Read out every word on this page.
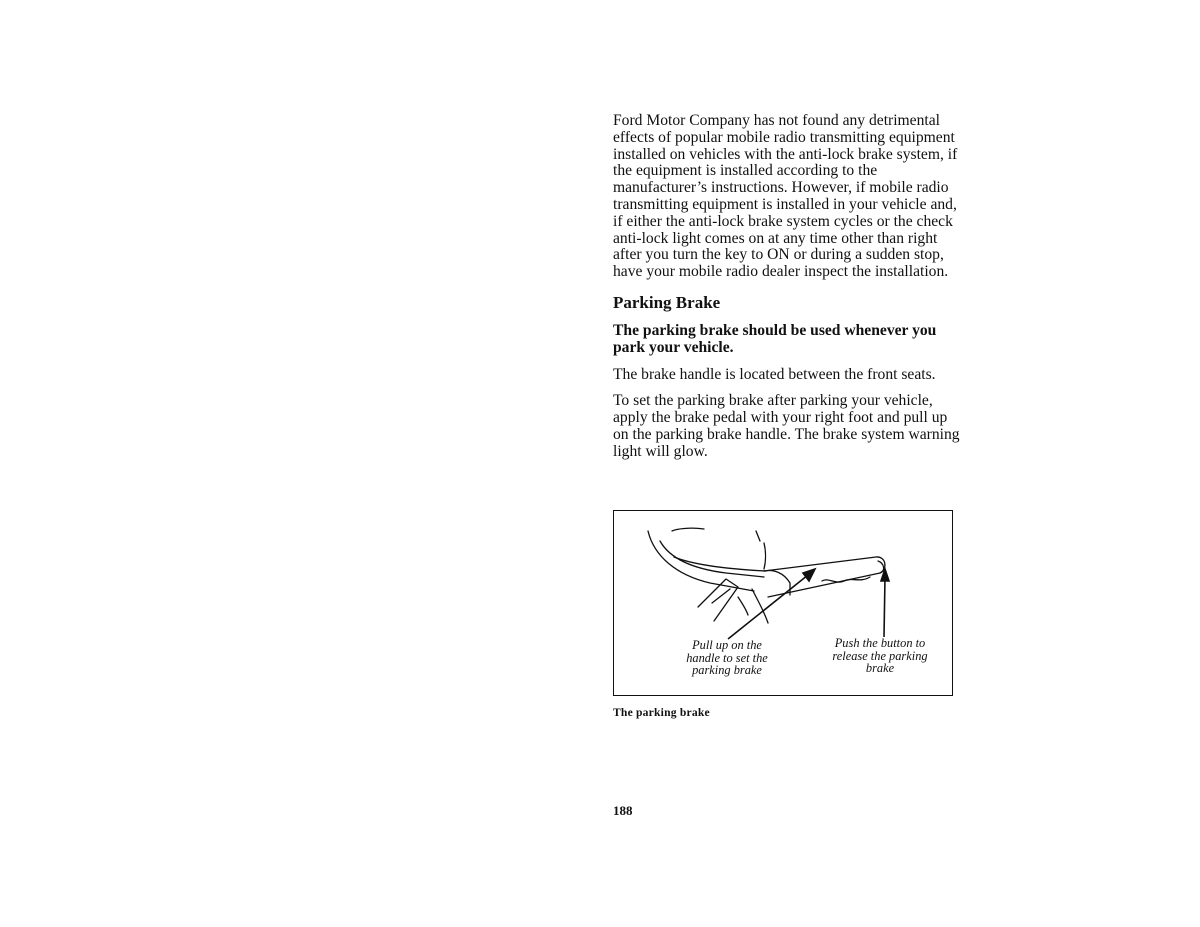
Ford Motor Company has not found any detrimental effects of popular mobile radio transmitting equipment installed on vehicles with the anti-lock brake system, if the equipment is installed according to the manufacturer’s instructions. However, if mobile radio transmitting equipment is installed in your vehicle and, if either the anti-lock brake system cycles or the check anti-lock light comes on at any time other than right after you turn the key to ON or during a sudden stop, have your mobile radio dealer inspect the installation.

Parking Brake

The parking brake should be used whenever you park your vehicle.

The brake handle is located between the front seats.

To set the parking brake after parking your vehicle, apply the brake pedal with your right foot and pull up on the parking brake handle. The brake system warning light will glow.

Pull up on the handle to set the parking brake
Push the button to release the parking brake
The parking brake
188
